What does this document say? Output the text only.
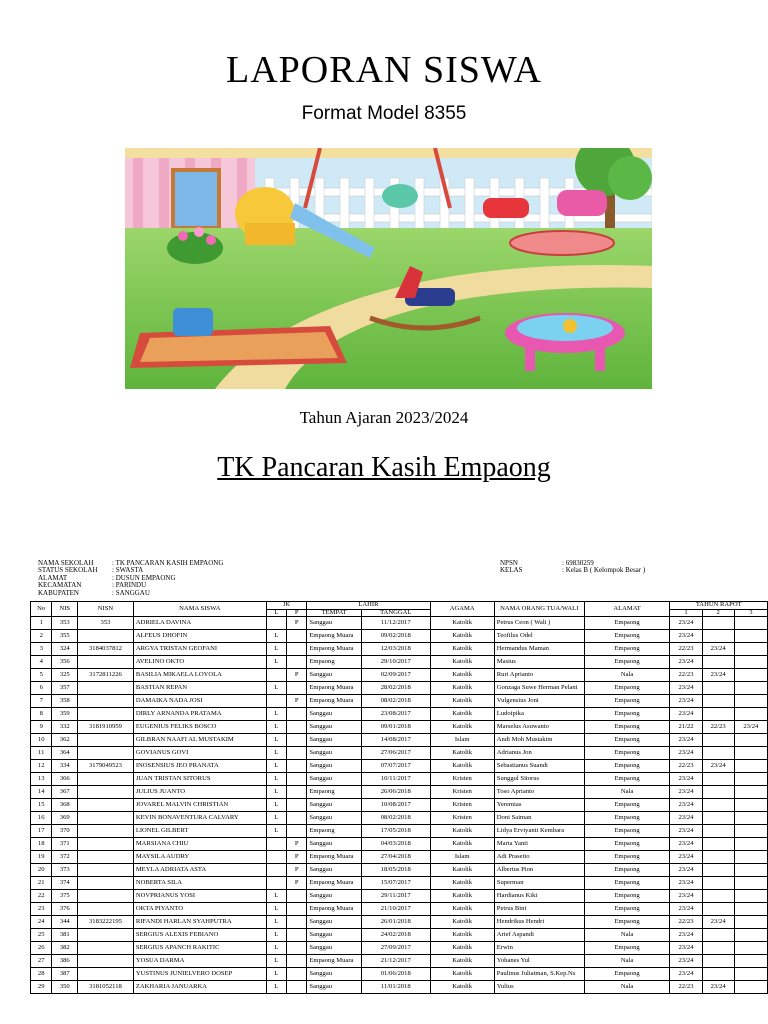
LAPORAN SISWA
Format Model 8355
Tahun Ajaran 2023/2024
TK Pancaran Kasih Empaong
NAMA SEKOLAH	: TK PANCARAN KASIH EMPAONG
STATUS SEKOLAH	: SWASTA
ALAMAT	: DUSUN EMPAONG
KECAMATAN	: PARINDU
KABUPATEN	: SANGGAU
NPSN	: 69830259
KELAS	: Kelas B ( Kelompok Besar )
No	NIS	NISN	NAMA SISWA	JK		LAHIR		AGAMA	NAMA ORANG TUA/WALI	ALAMAT	TAHUN RAPOT		
				L	P	TEMPAT	TANGGAL				1	2	3
1	353	353	ADRIELA DAVINA		P	Sanggau	11/12/2017	Katolik	Petrus Ceon ( Wali )	Empaong	23/24		
2	355		ALFEUS DHOFIN	L		Empaong Muara	09/02/2018	Katolik	Teofilus Odel	Empaong	23/24		
3	324	3184037812	ARGYA TRISTAN GEOFANI	L		Empaong Muara	12/03/2018	Katolik	Hermandus Maman	Empaong	22/23	23/24	
4	356		AVELINO OKTO	L		Empaong	29/10/2017	Katolik	Masius	Empaong	23/24		
5	325	3172811226	BASILIA MIKAELA LOYOLA		P	Sanggau	02/09/2017	Katolik	Ruri Aprianto	Nala	22/23	23/24	
6	357		BASTIAN REPAN	L		Empaong Muara	28/02/2018	Katolik	Gonzaga Suwe Herman Pelani	Empaong	23/24		
7	358		DAMAIKA NADA JOSI		P	Empaong Muara	08/02/2018	Katolik	Vulgensius Joni	Empaong	23/24		
8	359		DIRLY ARNANDA PRATAMA	L		Sanggau	23/08/2017	Katolik	Ludoipika	Empaong	23/24		
9	332	3181910959	EUGENIUS FELIKS BOSCO	L		Sanggau	09/01/2018	Katolik	Marselus Asuwanto	Empaong	21/22	22/23	23/24
10	362		GILBRAN NAAFI AL MUSTAKIM	L		Sanggau	14/08/2017	Islam	Andi Moh Mustakim	Empaong	23/24		
11	364		GOVIANUS GOVI	L		Sanggau	27/06/2017	Katolik	Adrianus Jon	Empaong	23/24		
12	334	3179049523	INOSENSIUS JEO PRANATA	L		Sanggau	07/07/2017	Katolik	Sebastianus Suandi	Empaong	22/23	23/24	
13	366		JUAN TRISTAN SITORUS	L		Sanggau	10/11/2017	Kristen	Sunggul Sitorus	Empaong	23/24		
14	367		JULIUS JUANTO	L		Empaong	26/06/2018	Kristen	Toso Aprianto	Nala	23/24		
15	368		JOVAREL MALVIN CHRISTIAN	L		Sanggau	10/08/2017	Kristen	Yeremias	Empaong	23/24		
16	369		KEVIN BONAVENTURA CALVARY	L		Sanggau	08/02/2018	Kristen	Doni Saiman	Empaong	23/24		
17	370		LIONEL GILBERT	L		Empaong	17/05/2018	Katolik	Lidya Erviyanti Kembara	Empaong	23/24		
18	371		MARSIANA CHIU		P	Sanggau	04/03/2018	Katolik	Marta Yanti	Empaong	23/24		
19	372		MAYSILA AUDRY		P	Empaong Muara	27/04/2018	Islam	Adi Prasetio	Empaong	23/24		
20	373		MEYLA ADRIATA ASTA		P	Sanggau	18/05/2018	Katolik	Albertus Pion	Empaong	23/24		
21	374		NOBERTA SILA		P	Empaong Muara	15/07/2017	Katolik	Superman	Empaong	23/24		
22	375		NOVPRIANUS YOSI	L		Sanggau	29/11/2017	Katolik	Hardianus Kiki	Empaong	23/24		
23	376		OKTA PIYANTO	L		Empaong Muara	21/10/2017	Katolik	Petrus Bint	Empaong	23/24		
24	344	3183222195	RIFANDI HARLAN SYAHPUTRA	L		Sanggau	26/01/2018	Katolik	Hendrikus Hendri	Empaong	22/23	23/24	
25	381		SERGIUS ALEXIS FEBIANO	L		Sanggau	24/02/2018	Katolik	Arief Aspandi	Nala	23/24		
26	382		SERGIUS APANCH RAKITIC	L		Sanggau	27/09/2017	Katolik	Erwin	Empaong	23/24		
27	386		YOSUA DARMA	L		Empaong Muara	21/12/2017	Katolik	Yohanes Yul	Nala	23/24		
28	387		YUSTINUS JUNIELVERO DOSEP	L		Sanggau	01/06/2018	Katolik	Paulinus Juliatman, S.Kep.Ns	Empaong	23/24		
29	350	3181052118	ZAKHARIA JANUARKA	L		Sanggau	11/01/2018	Katolik	Yulius	Nala	22/23	23/24	
